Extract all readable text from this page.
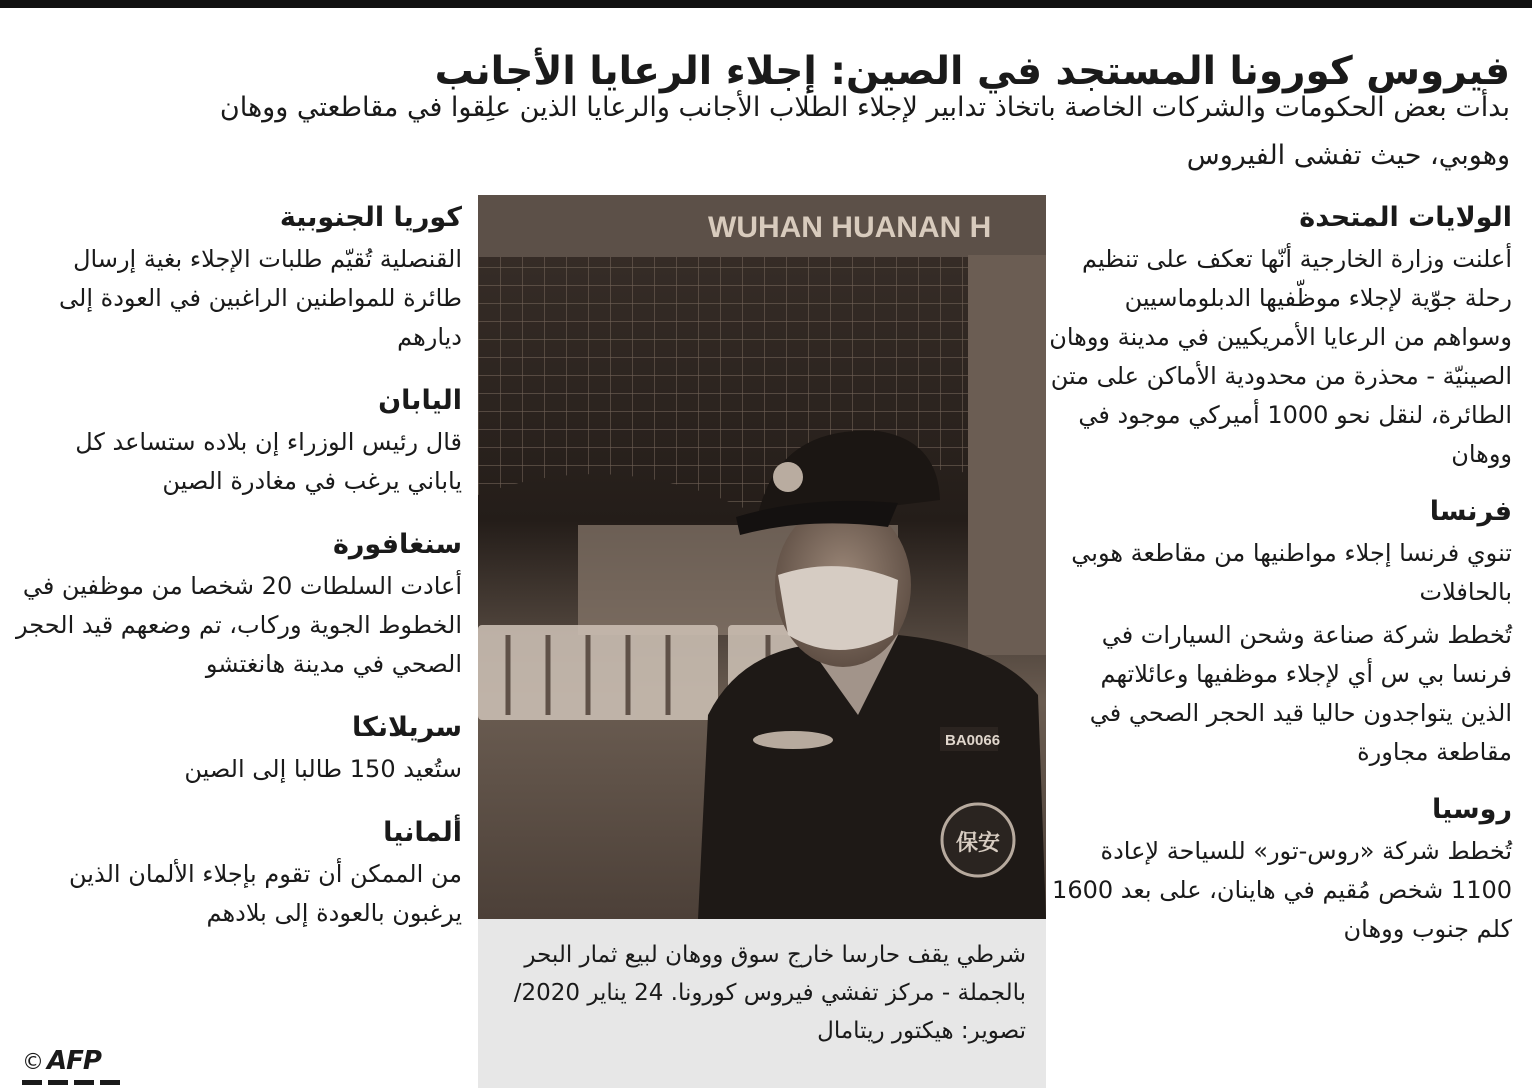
فيروس كورونا المستجد في الصين: إجلاء الرعايا الأجانب

بدأت بعض الحكومات والشركات الخاصة باتخاذ تدابير لإجلاء الطلاب الأجانب والرعايا الذين علِقوا في مقاطعتي ووهان وهوبي، حيث تفشى الفيروس

الولايات المتحدة

أعلنت وزارة الخارجية أنّها تعكف على تنظيم رحلة جوّية لإجلاء موظّفيها الدبلوماسيين وسواهم من الرعايا الأمريكيين في مدينة ووهان الصينيّة - محذرة من محدودية الأماكن على متن الطائرة، لنقل نحو 1000 أميركي موجود في ووهان

فرنسا

تنوي فرنسا إجلاء مواطنيها من مقاطعة هوبي بالحافلات

تُخطط شركة صناعة وشحن السيارات في فرنسا بي س أي لإجلاء موظفيها وعائلاتهم الذين يتواجدون حاليا قيد الحجر الصحي في مقاطعة مجاورة

روسيا

تُخطط شركة «روس-تور» للسياحة لإعادة 1100 شخص مُقيم في هاينان، على بعد 1600 كلم جنوب ووهان

كوريا الجنوبية

القنصلية تُقيّم طلبات الإجلاء بغية إرسال طائرة للمواطنين الراغبين في العودة إلى ديارهم

اليابان

قال رئيس الوزراء إن بلاده ستساعد كل ياباني يرغب في مغادرة الصين

سنغافورة

أعادت السلطات 20 شخصا من موظفين في الخطوط الجوية وركاب، تم وضعهم قيد الحجر الصحي في مدينة هانغتشو

سريلانكا

ستُعيد 150 طالبا إلى الصين

ألمانيا

من الممكن أن تقوم بإجلاء الألمان الذين يرغبون بالعودة إلى بلادهم

WUHAN HUANAN H
BA0066
保安

شرطي يقف حارسا خارج سوق ووهان لبيع ثمار البحر بالجملة - مركز تفشي فيروس كورونا. 24 يناير 2020/تصوير: هيكتور ريتامال

© AFP
